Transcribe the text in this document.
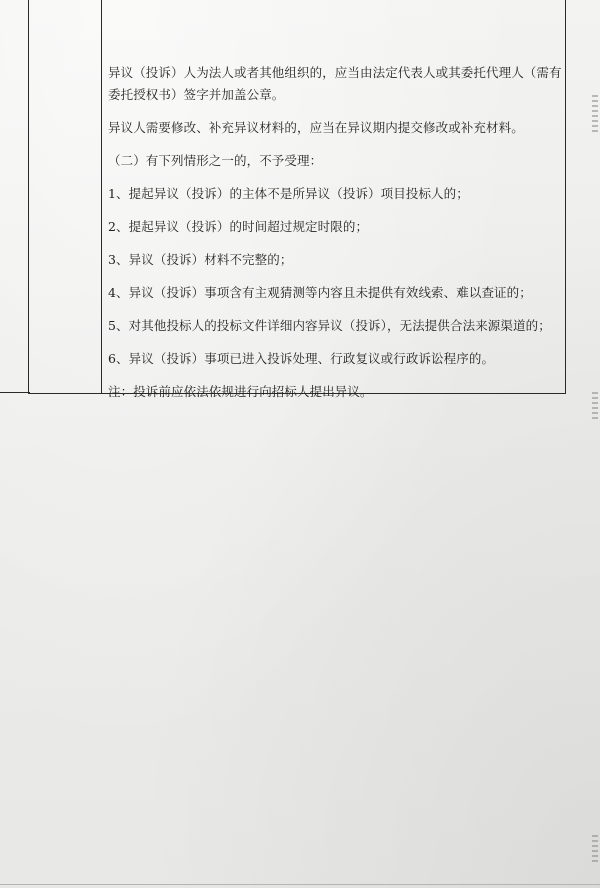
异议（投诉）人为法人或者其他组织的，应当由法定代表人或其委托代理人（需有
委托授权书）签字并加盖公章。
异议人需要修改、补充异议材料的，应当在异议期内提交修改或补充材料。
（二）有下列情形之一的，不予受理：
1、提起异议（投诉）的主体不是所异议（投诉）项目投标人的；
2、提起异议（投诉）的时间超过规定时限的；
3、异议（投诉）材料不完整的；
4、异议（投诉）事项含有主观猜测等内容且未提供有效线索、难以查证的；
5、对其他投标人的投标文件详细内容异议（投诉），无法提供合法来源渠道的；
6、异议（投诉）事项已进入投诉处理、行政复议或行政诉讼程序的。
注：投诉前应依法依规进行向招标人提出异议。
